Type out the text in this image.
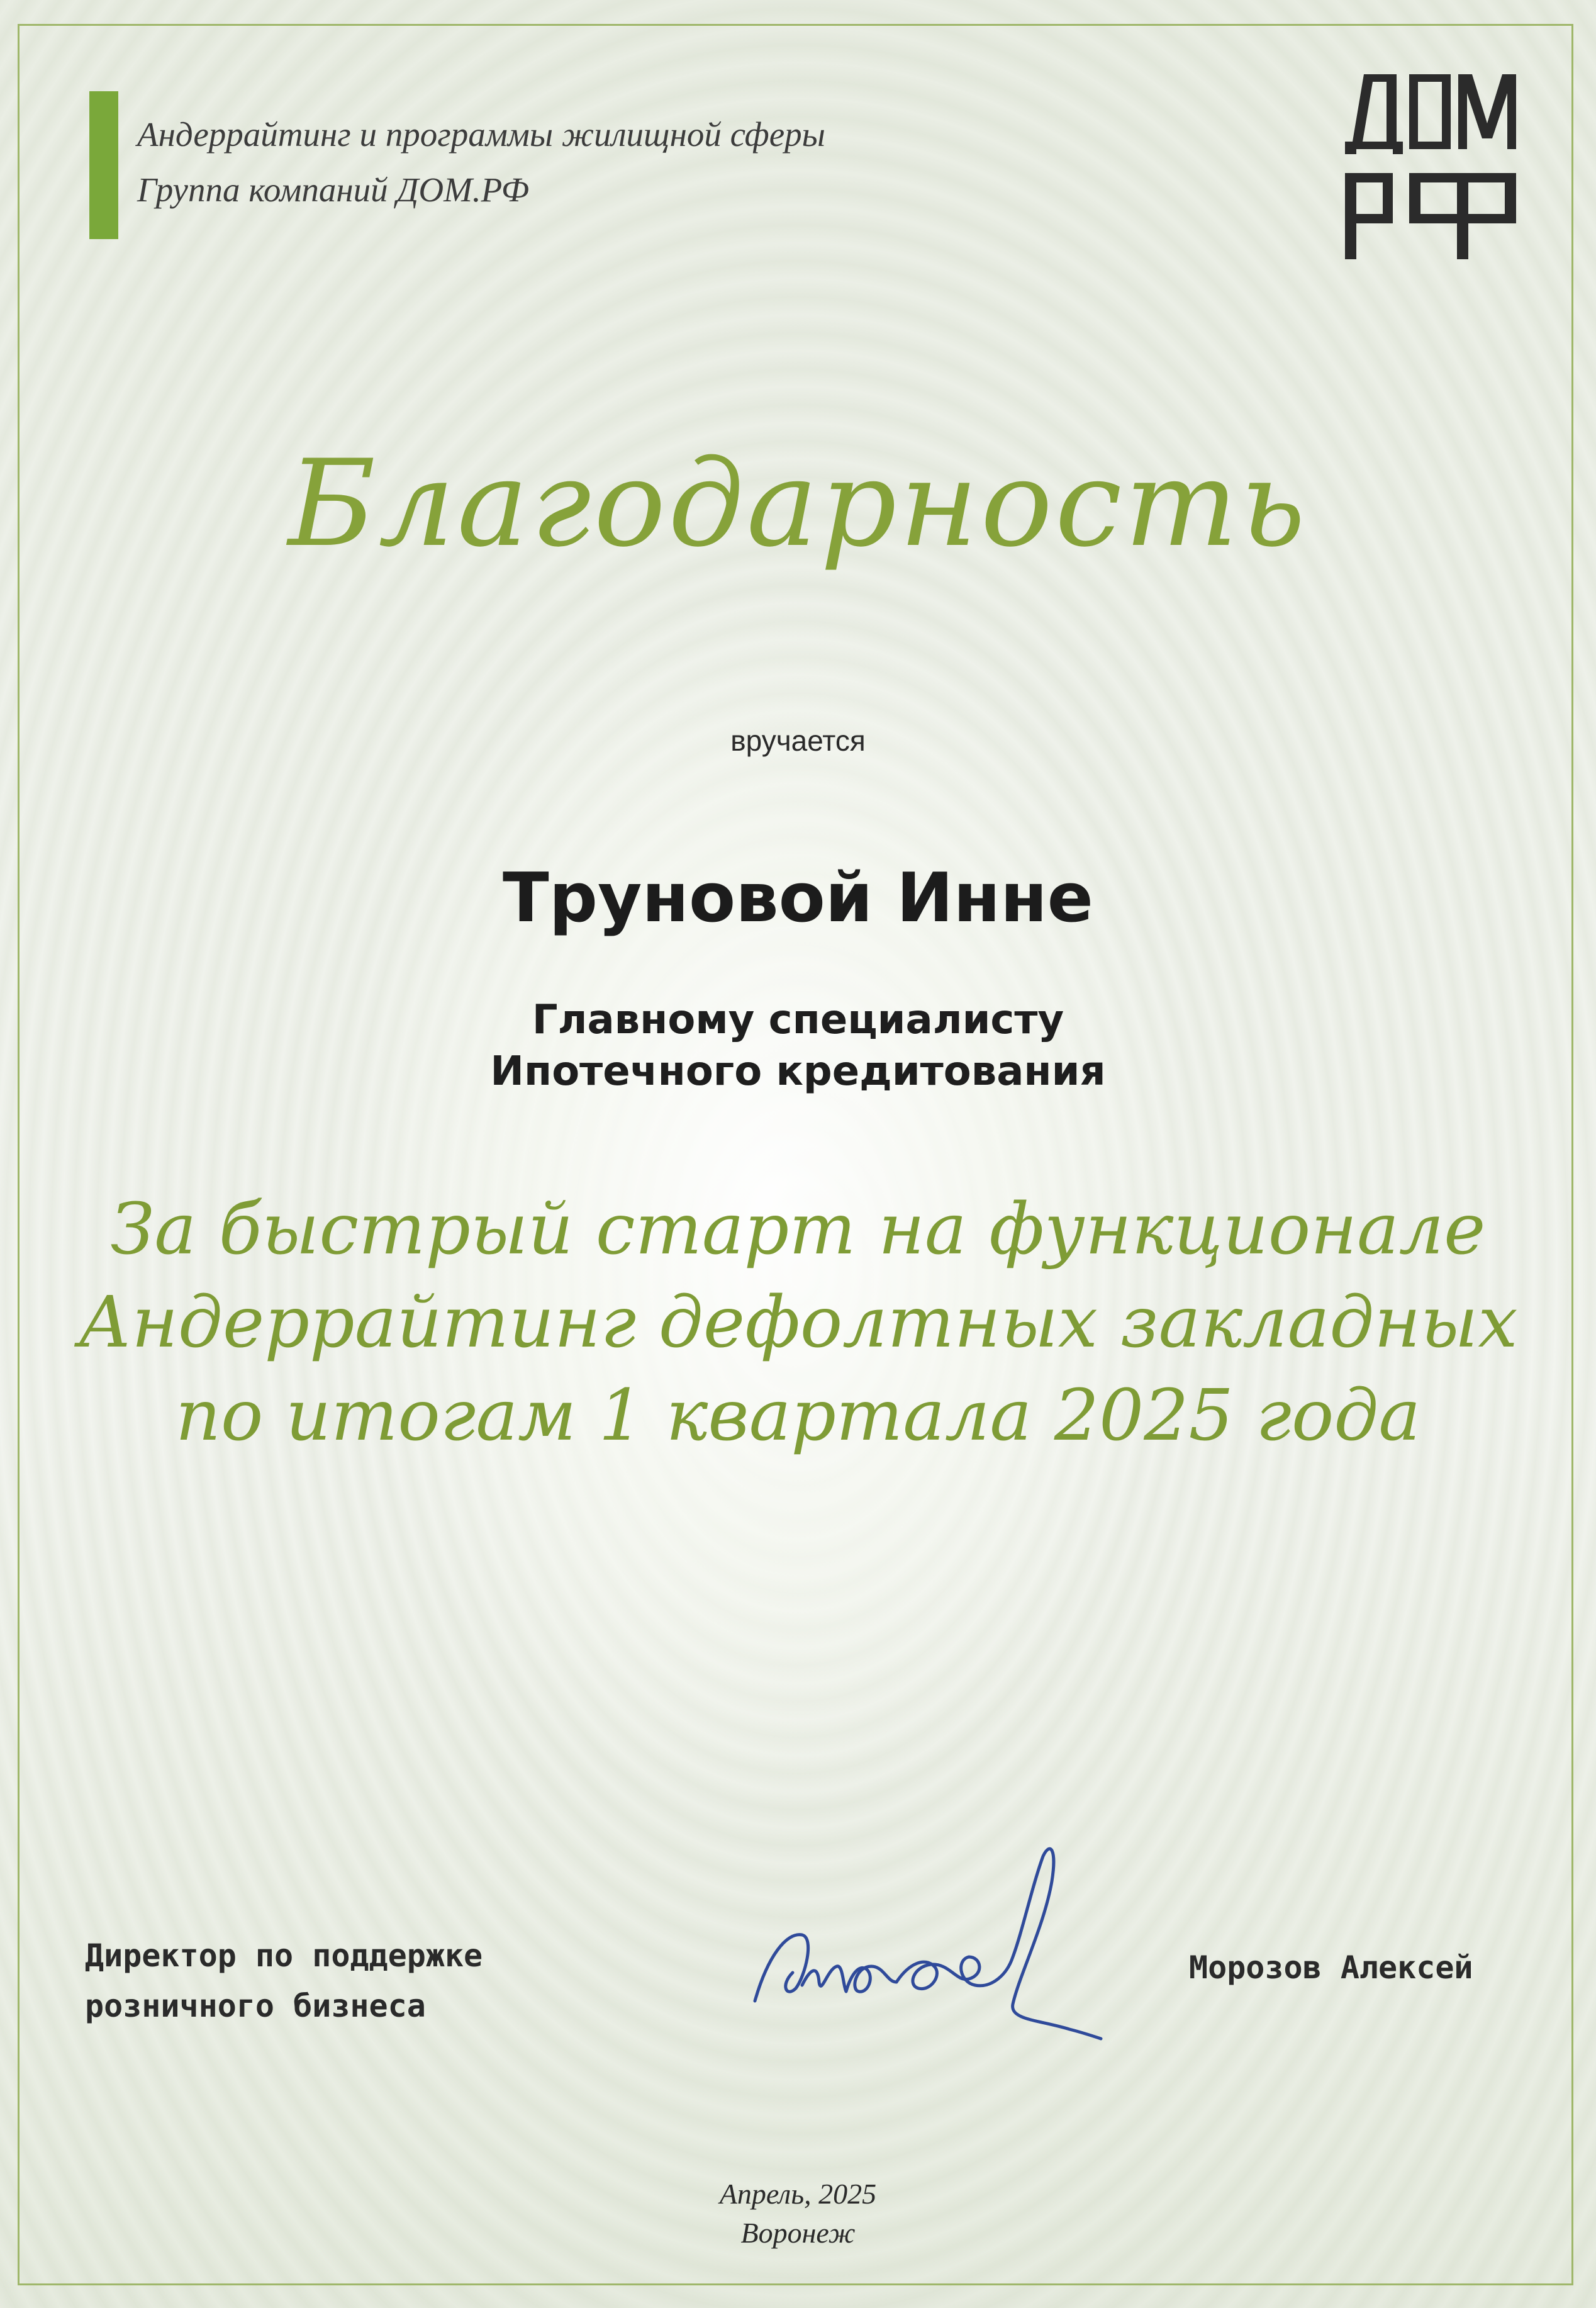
Андеррайтинг и программы жилищной сферы
Группа компаний ДОМ.РФ
Благодарность
вручается
Труновой Инне
Главному специалисту
Ипотечного кредитования
За быстрый старт на функционале
Андеррайтинг дефолтных закладных
по итогам 1 квартала 2025 года
Директор по поддержке
розничного бизнеса
Морозов Алексей
Апрель, 2025
Воронеж
